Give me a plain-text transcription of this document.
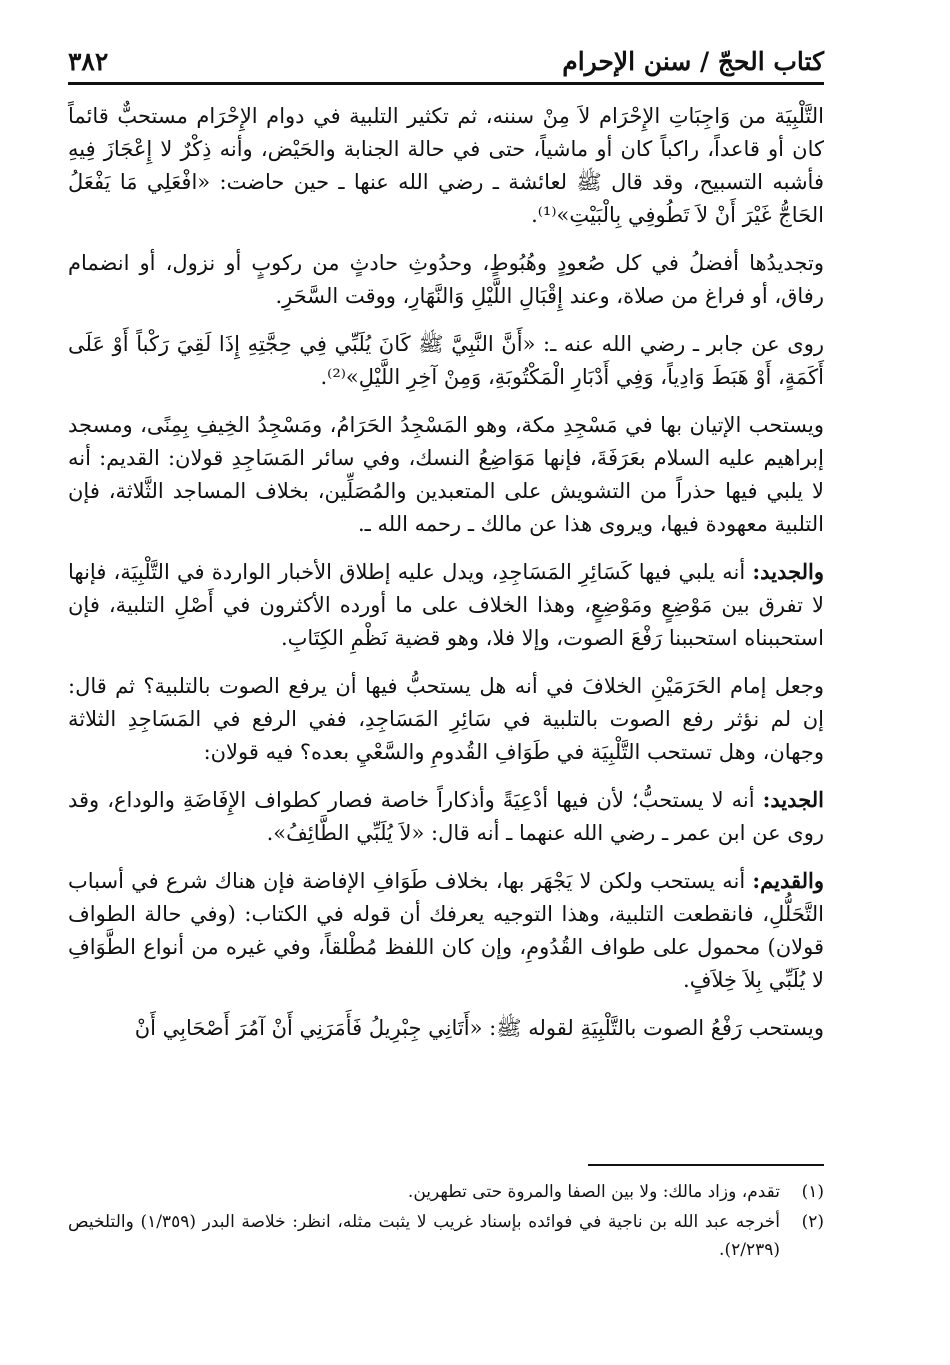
كتاب الحجّ / سنن الإحرام
٣٨٢

التَّلْبِيَة من وَاجِبَاتِ الإِحْرَام لاَ مِنْ سننه، ثم تكثير التلبية في دوام الإِحْرَام مستحبٌّ قائماً كان أو قاعداً، راكباً كان أو ماشياً، حتى في حالة الجنابة والحَيْض، وأنه ذِكْرٌ لا إِعْجَازَ فِيهِ فأشبه التسبيح، وقد قال ﷺ لعائشة ـ رضي الله عنها ـ حين حاضت: «افْعَلِي مَا يَفْعَلُ الحَاجُّ غَيْرَ أَنْ لاَ تَطُوفِي بِالْبَيْتِ»⁽¹⁾.

وتجديدُها أفضلُ في كل صُعودٍ وهُبُوطٍ، وحدُوثِ حادثٍ من ركوبٍ أو نزول، أو انضمام رفاق، أو فراغ من صلاة، وعند إِقْبَالِ اللَّيْلِ وَالنَّهَارِ، ووقت السَّحَرِ.

روى عن جابر ـ رضي الله عنه ـ: «أَنَّ النَّبِيَّ ﷺ كَانَ يُلَبِّي فِي حِجَّتِهِ إِذَا لَقِيَ رَكْباً أَوْ عَلَى أَكَمَةٍ، أَوْ هَبَطَ وَادِياً، وَفِي أَدْبَارِ الْمَكْتُوبَةِ، وَمِنْ آخِرِ اللَّيْلِ»⁽²⁾.

ويستحب الإتيان بها في مَسْجِدِ مكة، وهو المَسْجِدُ الحَرَامُ، ومَسْجِدُ الخِيفِ بِمِنًى، ومسجد إبراهيم عليه السلام بعَرَفَةَ، فإنها مَوَاضِعُ النسك، وفي سائر المَسَاجِدِ قولان: القديم: أنه لا يلبي فيها حذراً من التشويش على المتعبدين والمُصَلِّين، بخلاف المساجد الثَّلاثة، فإن التلبية معهودة فيها، ويروى هذا عن مالك ـ رحمه الله ـ.

والجديد: أنه يلبي فيها كَسَائِرِ المَسَاجِدِ، ويدل عليه إطلاق الأخبار الواردة في التَّلْبِيَة، فإنها لا تفرق بين مَوْضِعٍ ومَوْضِعٍ، وهذا الخلاف على ما أورده الأكثرون في أَصْلِ التلبية، فإن استحببناه استحببنا رَفْعَ الصوت، وإلا فلا، وهو قضية نَظْمِ الكِتَابِ.

وجعل إمام الحَرَمَيْنِ الخلافَ في أنه هل يستحبُّ فيها أن يرفع الصوت بالتلبية؟ ثم قال: إن لم نؤثر رفع الصوت بالتلبية في سَائِرِ المَسَاجِدِ، ففي الرفع في المَسَاجِدِ الثلاثة وجهان، وهل تستحب التَّلْبِيَة في طَوَافِ القُدومِ والسَّعْيِ بعده؟ فيه قولان:

الجديد: أنه لا يستحبُّ؛ لأن فيها أدْعِيَةً وأذكاراً خاصة فصار كطواف الإِفَاضَةِ والوداع، وقد روى عن ابن عمر ـ رضي الله عنهما ـ أنه قال: «لاَ يُلَبِّي الطَّائِفُ».

والقديم: أنه يستحب ولكن لا يَجْهَر بها، بخلاف طَوَافِ الإفاضة فإن هناك شرع في أسباب التَّحَلُّلِ، فانقطعت التلبية، وهذا التوجيه يعرفك أن قوله في الكتاب: (وفي حالة الطواف قولان) محمول على طواف القُدُومِ، وإن كان اللفظ مُطْلقاً، وفي غيره من أنواع الطَّوَافِ لا يُلَبِّي بِلاَ خِلاَفٍ.

ويستحب رَفْعُ الصوت بالتَّلْبِيَةِ لقوله ﷺ: «أَتَانِي جِبْرِيلُ فَأَمَرَنِي أَنْ آمُرَ أَصْحَابِي أَنْ

(١)
تقدم، وزاد مالك: ولا بين الصفا والمروة حتى تطهرين.
(٢)
أخرجه عبد الله بن ناجية في فوائده بإسناد غريب لا يثبت مثله، انظر: خلاصة البدر (١/٣٥٩) والتلخيص (٢/٢٣٩).
